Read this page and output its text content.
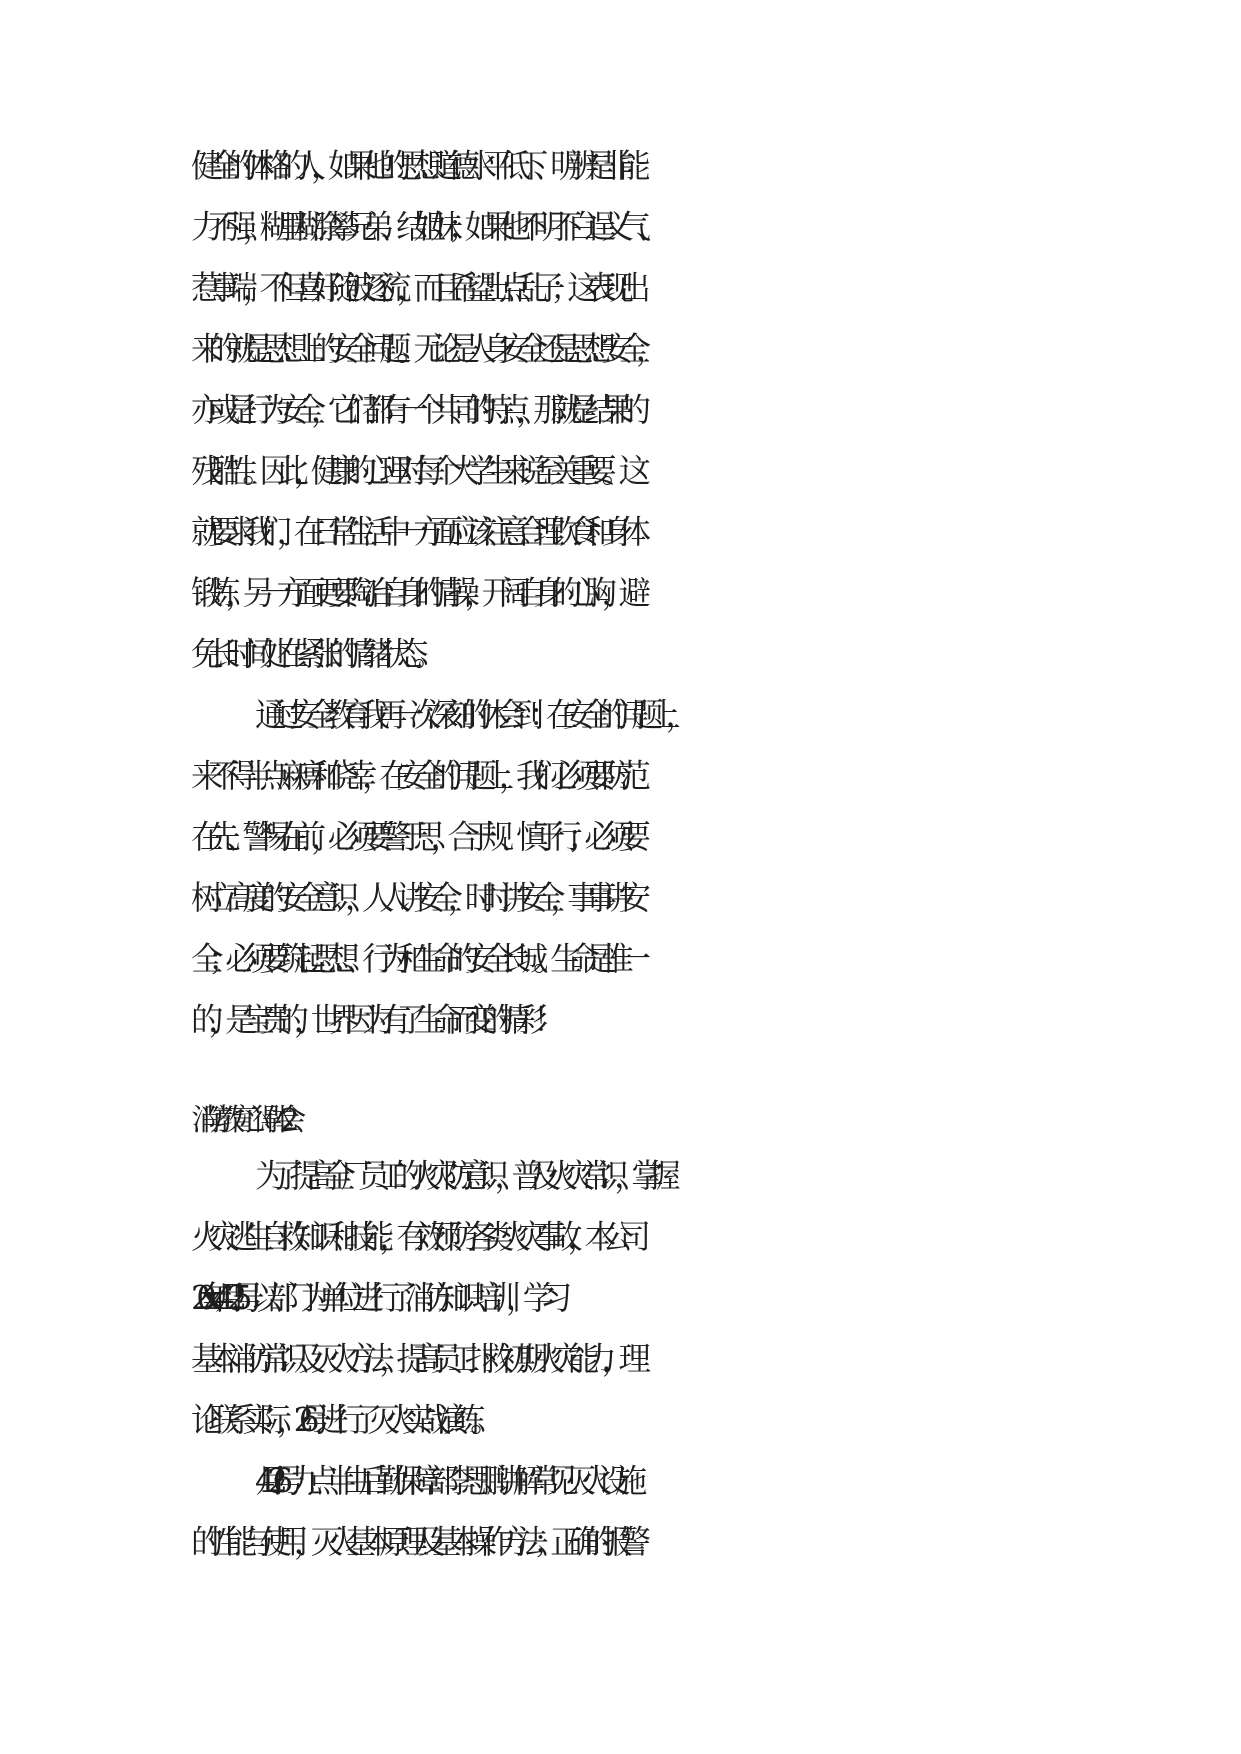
健全的体格的人，如果他的思想道德水平低下、明辨是非能
力不强，糊里糊涂攀兄弟、结姐妹；如果他不明不白逞义气、
惹事端，不但喜好随波逐流，而且希望出点乱子；这表现出
来的就是思想上的安全问题。无论是人身安全还是思想安全，
亦或是行为安全，它们都有一个共同的特点，那就是结果的
残酷性。因此，健康的心理对每个大学生来说至关重要。这
就要求我们，在日常生活中一方面应该注意合理饮食和身体
锻炼，另一方面更要陶冶自身的情操，开阔自身的心胸，避
免长时间处在紧张的情绪状态。
通过安全教育我再一次深刻的休会到：在安全的问题上，
来不得半点麻痹和侥幸，在安全的问题上，我们必须要防范
在先、警惕在前，必须要警于思，合于规、慎于行；必须要
树立高度的安全意识，人人讲安全，时时讲安全，事事讲安
全；必须要筑起思想、行为和生命的安全长城。生命是惟一
的，是宝贵的，世界因为有了生命而变的精彩！
消防教育心得体会 2
为了提高全厂员工的火灾防意识，普及火灾常识，掌握
火灾逃生自救知识和技能，有效预防各类火灾事故，本公司
20xx 年 4 月 25 号以部门为单位进行了消防知识培训，学习
基本消防常识及灭火方法，提高员工扑救初期火灾能力，理
论联系实际，26 号进行了灭火实战演练。
4 月 26 号九点半由后勤保障部李思鹏讲解常见灭火设施
的性能与使用，灭火基本原理及基本操作方法；正确的报警
